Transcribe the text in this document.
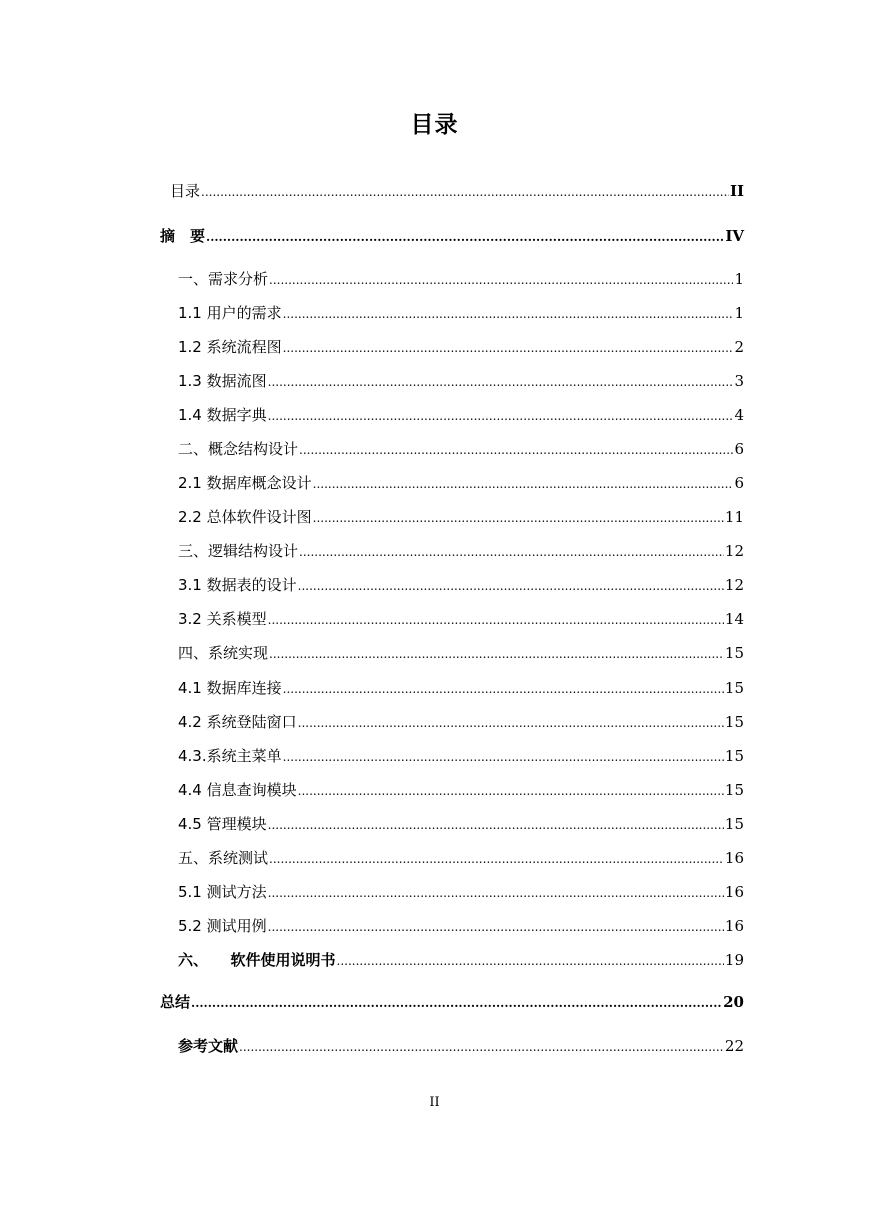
目录
目录 .....	II
摘　要 .....	IV
一、需求分析 .....	1
1.1 用户的需求 .....	1
1.2 系统流程图 .....	2
1.3 数据流图 .....	3
1.4 数据字典 .....	4
二、概念结构设计 .....	6
2.1 数据库概念设计 .....	6
2.2 总体软件设计图 .....	11
三、逻辑结构设计 .....	12
3.1 数据表的设计 .....	12
3.2 关系模型 .....	14
四、系统实现 .....	15
4.1 数据库连接 .....	15
4.2 系统登陆窗口 .....	15
4.3.系统主菜单 .....	15
4.4 信息查询模块 .....	15
4.5 管理模块 .....	15
五、系统测试 .....	16
5.1 测试方法 .....	16
5.2 测试用例 .....	16
六、　　软件使用说明书 .....	19
总结 .....	20
参考文献 .....	22
II
